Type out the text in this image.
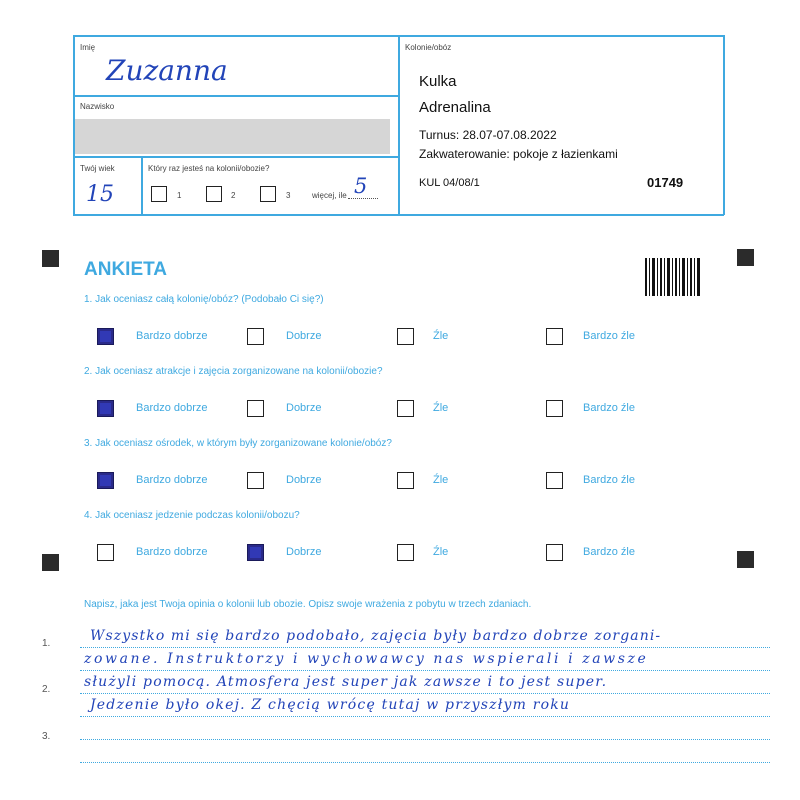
Imię
Zuzanna
Nazwisko
Twój wiek
15
Który raz jesteś na kolonii/obozie?
1	2	3	więcej, ile 5
Kolonie/obóz
Kulka
Adrenalina
Turnus: 28.07-07.08.2022
Zakwaterowanie: pokoje z łazienkami
KUL 04/08/1	01749
ANKIETA
1. Jak oceniasz całą kolonię/obóz? (Podobało Ci się?)
Bardzo dobrze	Dobrze	Źle	Bardzo źle
2. Jak oceniasz atrakcje i zajęcia zorganizowane na kolonii/obozie?
Bardzo dobrze	Dobrze	Źle	Bardzo źle
3. Jak oceniasz ośrodek, w którym były zorganizowane kolonie/obóz?
Bardzo dobrze	Dobrze	Źle	Bardzo źle
4. Jak oceniasz jedzenie podczas kolonii/obozu?
Bardzo dobrze	Dobrze	Źle	Bardzo źle
Napisz, jaka jest Twoja opinia o kolonii lub obozie. Opisz swoje wrażenia z pobytu w trzech zdaniach.
1.
2.
3.
Wszystko mi się bardzo podobało, zajęcia były bardzo dobrze zorgani-
zowane. Instruktorzy i wychowawcy nas wspierali i zawsze
służyli pomocą. Atmosfera jest super jak zawsze i to jest super.
Jedzenie było okej. Z chęcią wrócę tutaj w przyszłym roku
